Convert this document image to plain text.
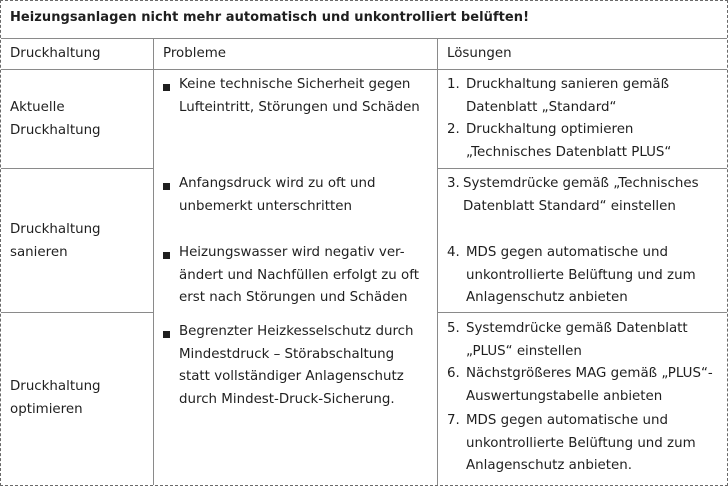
Heizungsanlagen nicht mehr automatisch und unkontrolliert belüften!
Druckhaltung	Probleme	Lösungen
Aktuelle
Druckhaltung
Druckhaltung
sanieren
Druckhaltung
optimieren
Keine technische Sicherheit gegen
Lufteintritt, Störungen und Schäden
Anfangsdruck wird zu oft und
unbemerkt unterschritten
Heizungswasser wird negativ ver-
ändert und Nachfüllen erfolgt zu oft
erst nach Störungen und Schäden
Begrenzter Heizkesselschutz durch
Mindestdruck – Störabschaltung
statt vollständiger Anlagenschutz
durch Mindest-Druck-Sicherung.
1. Druckhaltung sanieren gemäß
Datenblatt „Standard“
2. Druckhaltung optimieren
„Technisches Datenblatt PLUS“
3. Systemdrücke gemäß „Technisches
Datenblatt Standard“ einstellen
4. MDS gegen automatische und
unkontrollierte Belüftung und zum
Anlagenschutz anbieten
5. Systemdrücke gemäß Datenblatt
„PLUS“ einstellen
6. Nächstgrößeres MAG gemäß „PLUS“-
Auswertungstabelle anbieten
7. MDS gegen automatische und
unkontrollierte Belüftung und zum
Anlagenschutz anbieten.
